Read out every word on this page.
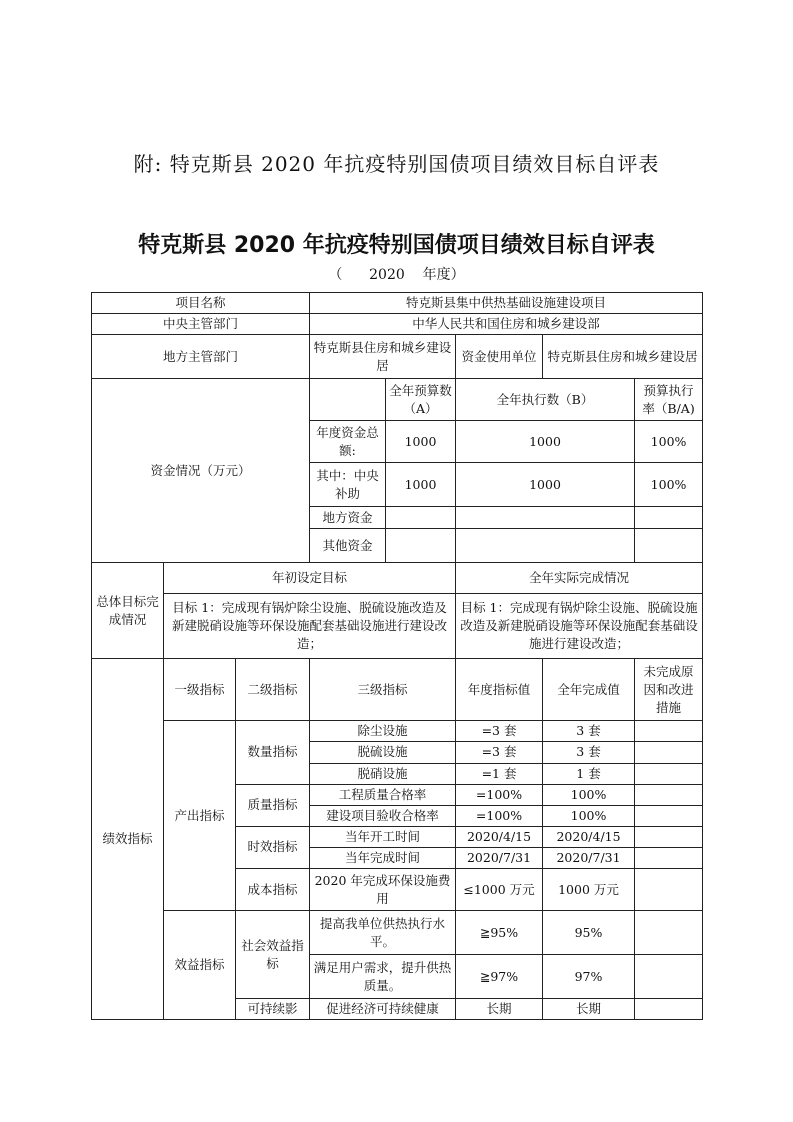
附: 特克斯县 2020 年抗疫特别国债项目绩效目标自评表
特克斯县 2020 年抗疫特别国债项目绩效目标自评表
（ 2020 年度）
项目名称			特克斯县集中供热基础设施建设项目				
中央主管部门			中华人民共和国住房和城乡建设部				
地方主管部门			特克斯县住房和城乡建设居		资金使用单位	特克斯县住房和城乡建设居	
资金情况（万元）				全年预算数（A）	全年执行数（B）		预算执行率（B/A)
			年度资金总额:	1000	1000		100%
			其中：中央补助	1000	1000		100%
			地方资金				
			其他资金				
总体目标完成情况	年初设定目标				全年实际完成情况		
	目标 1：完成现有锅炉除尘设施、脱硫设施改造及新建脱硝设施等环保设施配套基础设施进行建设改造；				目标 1：完成现有锅炉除尘设施、脱硫设施改造及新建脱硝设施等环保设施配套基础设施进行建设改造；		
绩效指标	一级指标	二级指标	三级指标		年度指标值	全年完成值	未完成原因和改进措施
	产出指标	数量指标	除尘设施		=3 套	3 套	
			脱硫设施		=3 套	3 套	
			脱硝设施		=1 套	1 套	
		质量指标	工程质量合格率		=100%	100%	
			建设项目验收合格率		=100%	100%	
		时效指标	当年开工时间		2020/4/15	2020/4/15	
			当年完成时间		2020/7/31	2020/7/31	
		成本指标	2020 年完成环保设施费用		≤1000 万元	1000 万元	
	效益指标	社会效益指标	提高我单位供热执行水平。		≧95%	95%	
			满足用户需求，提升供热质量。		≧97%	97%	
		可持续影	促进经济可持续健康		长期	长期	
